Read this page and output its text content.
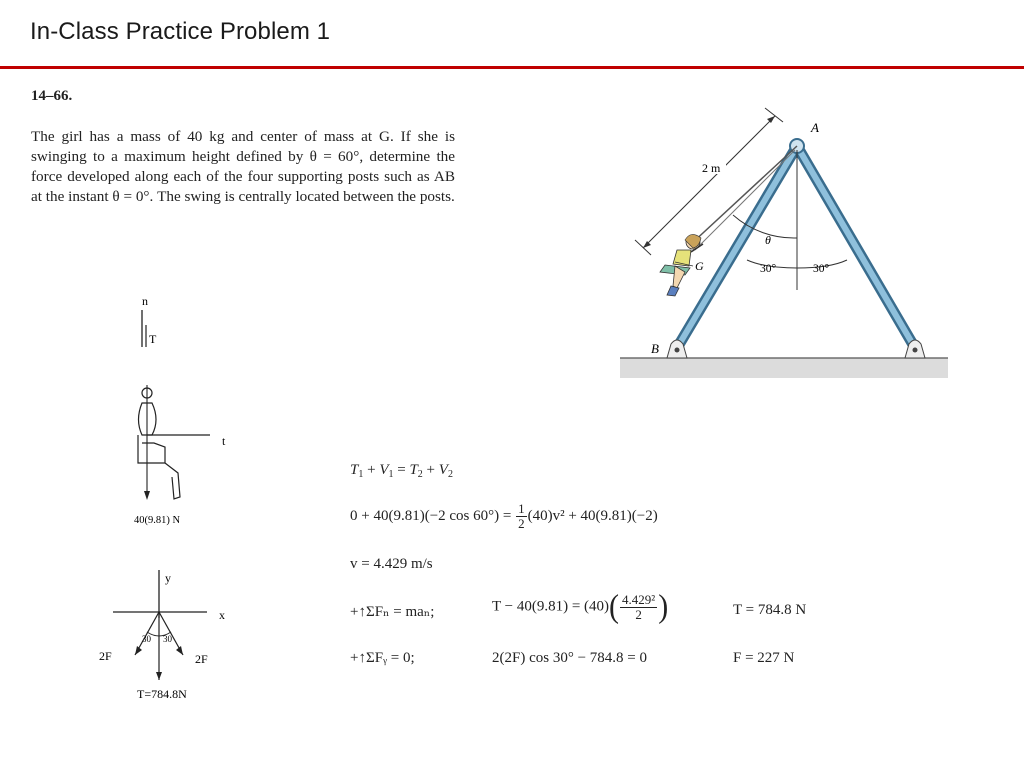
In-Class Practice Problem 1
14–66.
The girl has a mass of 40 kg and center of mass at G. If she is swinging to a maximum height defined by θ = 60°, determine the force developed along each of the four supporting posts such as AB at the instant θ = 0°. The swing is centrally located between the posts.
2 m
θ
30°	30°
G
A
B
n
T
t
40(9.81) N
y
x
30 30
2F	2F
T=784.8N
$T_1 + V_1 = T_2 + V_2$
0 + 40(9.81)(−2 $\cos 60^\circ) = \frac{1}{2} (40)v^2 + 40(9.81)(-2)$
v = 4.429 m/s
+↑ΣFₙ = maₙ;	$T - 40(9.81) = (40)( \frac{\text{4.429²}}{2}$ )	T = 784.8 N
+↑ΣFᵧ = 0;	2(2F) cos 30° − 784.8 = 0	F = 227 N
